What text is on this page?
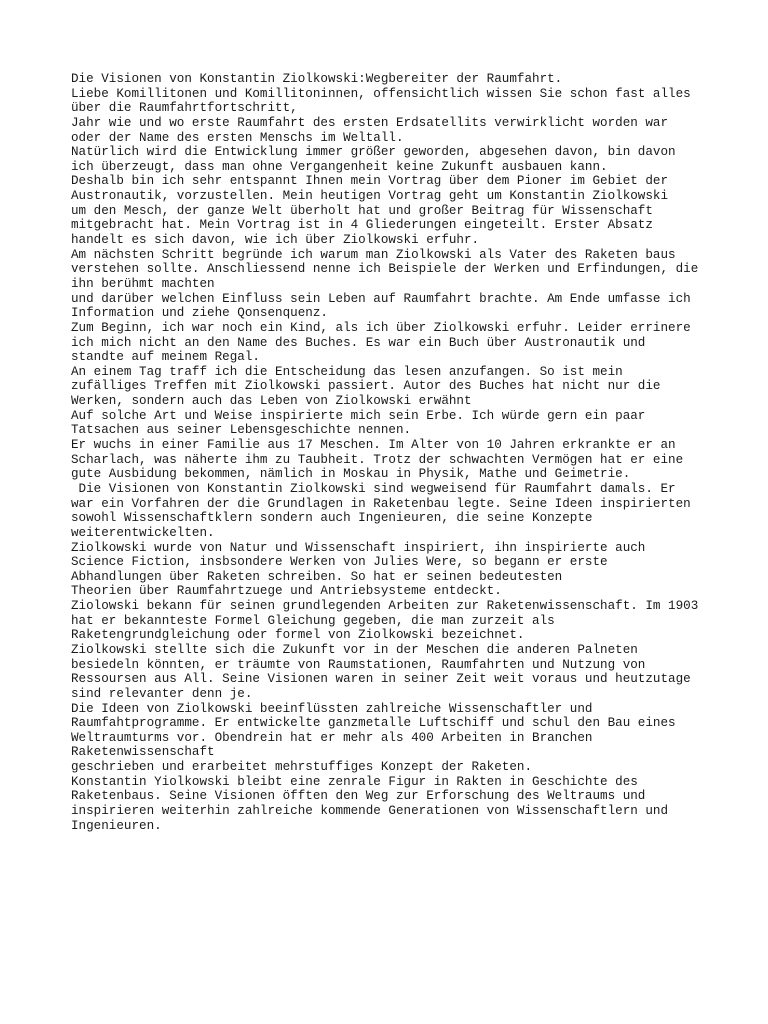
Die Visionen von Konstantin Ziolkowski:Wegbereiter der Raumfahrt.
Liebe Komillitonen und Komillitoninnen, offensichtlich wissen Sie schon fast alles
über die Raumfahrtfortschritt,
Jahr wie und wo erste Raumfahrt des ersten Erdsatellits verwirklicht worden war
oder der Name des ersten Menschs im Weltall.
Natürlich wird die Entwicklung immer größer geworden, abgesehen davon, bin davon
ich überzeugt, dass man ohne Vergangenheit keine Zukunft ausbauen kann.
Deshalb bin ich sehr entspannt Ihnen mein Vortrag über dem Pioner im Gebiet der
Austronautik, vorzustellen. Mein heutigen Vortrag geht um Konstantin Ziolkowski
um den Mesch, der ganze Welt überholt hat und großer Beitrag für Wissenschaft
mitgebracht hat. Mein Vortrag ist in 4 Gliederungen eingeteilt. Erster Absatz
handelt es sich davon, wie ich über Ziolkowski erfuhr.
Am nächsten Schritt begründe ich warum man Ziolkowski als Vater des Raketen baus
verstehen sollte. Anschliessend nenne ich Beispiele der Werken und Erfindungen, die
ihn berühmt machten
und darüber welchen Einfluss sein Leben auf Raumfahrt brachte. Am Ende umfasse ich
Information und ziehe Qonsenquenz.
Zum Beginn, ich war noch ein Kind, als ich über Ziolkowski erfuhr. Leider errinere
ich mich nicht an den Name des Buches. Es war ein Buch über Austronautik und
standte auf meinem Regal.
An einem Tag traff ich die Entscheidung das lesen anzufangen. So ist mein
zufälliges Treffen mit Ziolkowski passiert. Autor des Buches hat nicht nur die
Werken, sondern auch das Leben von Ziolkowski erwähnt
Auf solche Art und Weise inspirierte mich sein Erbe. Ich würde gern ein paar
Tatsachen aus seiner Lebensgeschichte nennen.
Er wuchs in einer Familie aus 17 Meschen. Im Alter von 10 Jahren erkrankte er an
Scharlach, was näherte ihm zu Taubheit. Trotz der schwachten Vermögen hat er eine
gute Ausbidung bekommen, nämlich in Moskau in Physik, Mathe und Geimetrie.
Die Visionen von Konstantin Ziolkowski sind wegweisend für Raumfahrt damals. Er
war ein Vorfahren der die Grundlagen in Raketenbau legte. Seine Ideen inspirierten
sowohl Wissenschaftklern sondern auch Ingenieuren, die seine Konzepte
weiterentwickelten.
Ziolkowski wurde von Natur und Wissenschaft inspiriert, ihn inspirierte auch
Science Fiction, insbsondere Werken von Julies Were, so begann er erste
Abhandlungen über Raketen schreiben. So hat er seinen bedeutesten
Theorien über Raumfahrtzuege und Antriebsysteme entdeckt.
Ziolowski bekann für seinen grundlegenden Arbeiten zur Raketenwissenschaft. Im 1903
hat er bekannteste Formel Gleichung gegeben, die man zurzeit als
Raketengrundgleichung oder formel von Ziolkowski bezeichnet.
Ziolkowski stellte sich die Zukunft vor in der Meschen die anderen Palneten
besiedeln könnten, er träumte von Raumstationen, Raumfahrten und Nutzung von
Ressoursen aus All. Seine Visionen waren in seiner Zeit weit voraus und heutzutage
sind relevanter denn je.
Die Ideen von Ziolkowski beeinflüssten zahlreiche Wissenschaftler und
Raumfahtprogramme. Er entwickelte ganzmetalle Luftschiff und schul den Bau eines
Weltraumturms vor. Obendrein hat er mehr als 400 Arbeiten in Branchen
Raketenwissenschaft
geschrieben und erarbeitet mehrstuffiges Konzept der Raketen.
Konstantin Yiolkowski bleibt eine zenrale Figur in Rakten in Geschichte des
Raketenbaus. Seine Visionen öfften den Weg zur Erforschung des Weltraums und
inspirieren weiterhin zahlreiche kommende Generationen von Wissenschaftlern und
Ingenieuren.
